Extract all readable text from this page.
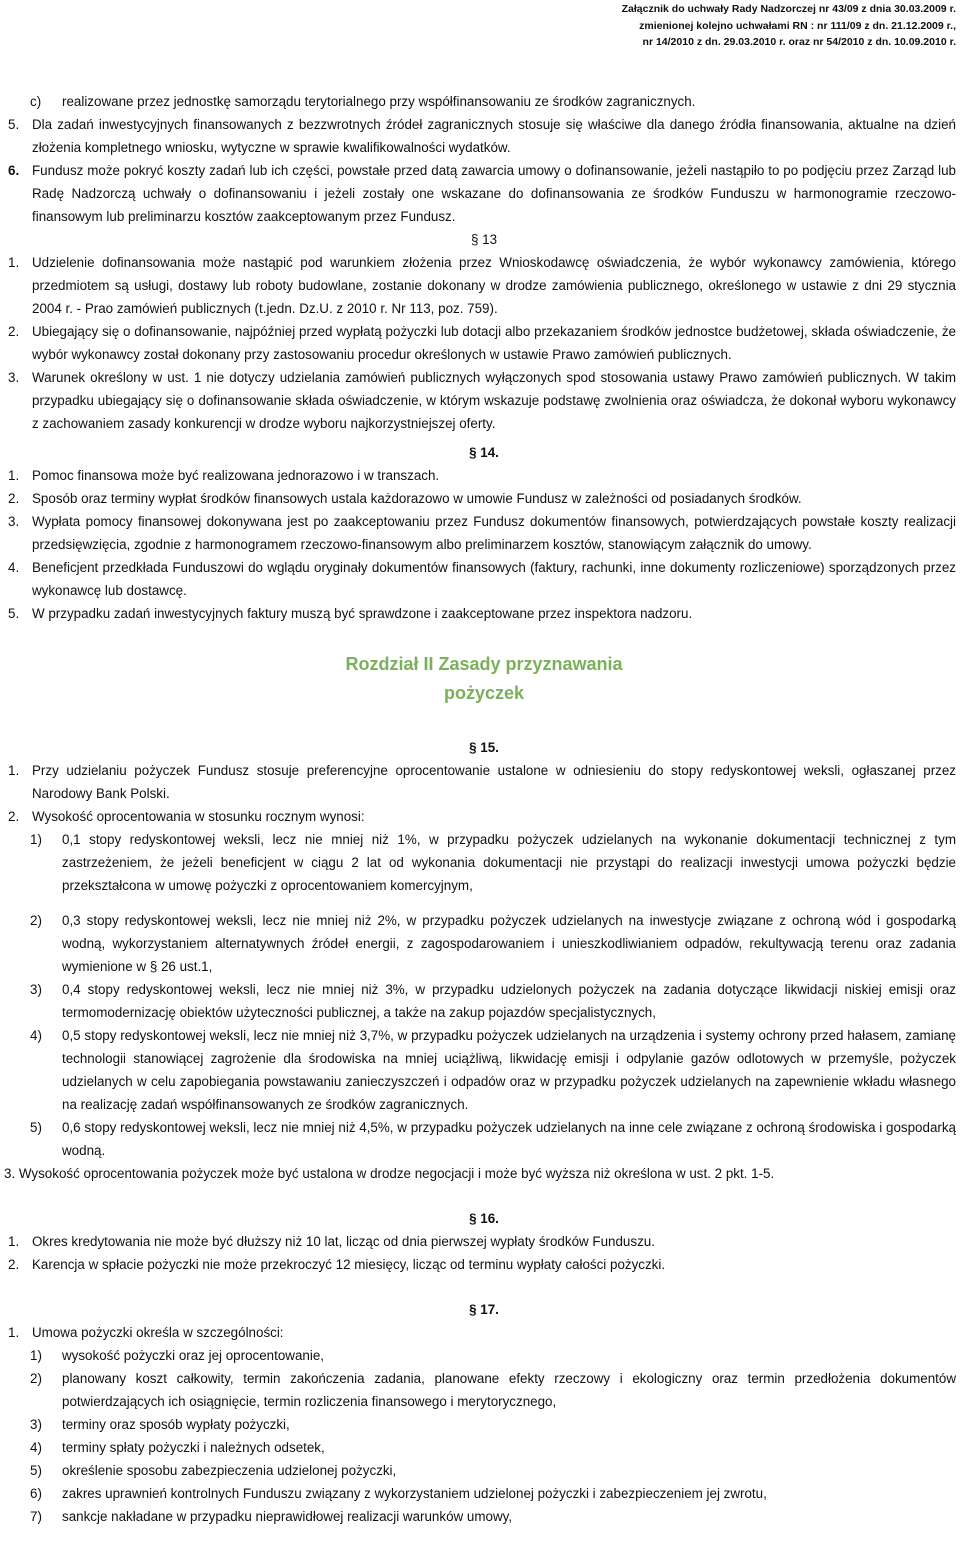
Załącznik do uchwały Rady Nadzorczej nr 43/09 z dnia 30.03.2009 r.
zmienionej kolejno uchwałami RN : nr 111/09 z dn. 21.12.2009 r.,
nr 14/2010 z dn. 29.03.2010 r. oraz nr 54/2010 z dn. 10.09.2010 r.
c)	realizowane przez jednostkę samorządu terytorialnego przy współfinansowaniu ze środków zagranicznych.
5. Dla zadań inwestycyjnych finansowanych z bezzwrotnych źródeł zagranicznych stosuje się właściwe dla danego źródła finansowania, aktualne na dzień złożenia kompletnego wniosku, wytyczne w sprawie kwalifikowalności wydatków.
6. Fundusz może pokryć koszty zadań lub ich części, powstałe przed datą zawarcia umowy o dofinansowanie, jeżeli nastąpiło to po podjęciu przez Zarząd lub Radę Nadzorczą uchwały o dofinansowaniu i jeżeli zostały one wskazane do dofinansowania ze środków Funduszu w harmonogramie rzeczowo-finansowym lub preliminarzu kosztów zaakceptowanym przez Fundusz.
§ 13
1. Udzielenie dofinansowania może nastąpić pod warunkiem złożenia przez Wnioskodawcę oświadczenia, że wybór wykonawcy zamówienia, którego przedmiotem są usługi, dostawy lub roboty budowlane, zostanie dokonany w drodze zamówienia publicznego, określonego w ustawie z dni 29 stycznia 2004 r. - Prao zamówień publicznych (t.jedn. Dz.U. z 2010 r. Nr 113, poz. 759).
2. Ubiegający się o dofinansowanie, najpóźniej przed wypłatą pożyczki lub dotacji albo przekazaniem środków jednostce budżetowej, składa oświadczenie, że wybór wykonawcy został dokonany przy zastosowaniu procedur określonych w ustawie Prawo zamówień publicznych.
3. Warunek określony w ust. 1 nie dotyczy udzielania zamówień publicznych wyłączonych spod stosowania ustawy Prawo zamówień publicznych. W takim przypadku ubiegający się o dofinansowanie składa oświadczenie, w którym wskazuje podstawę zwolnienia oraz oświadcza, że dokonał wyboru wykonawcy z zachowaniem zasady konkurencji w drodze wyboru najkorzystniejszej oferty.
§ 14.
1. Pomoc finansowa może być realizowana jednorazowo i w transzach.
2. Sposób oraz terminy wypłat środków finansowych ustala każdorazowo w umowie Fundusz w zależności od posiadanych środków.
3. Wypłata pomocy finansowej dokonywana jest po zaakceptowaniu przez Fundusz dokumentów finansowych, potwierdzających powstałe koszty realizacji przedsięwzięcia, zgodnie z harmonogramem rzeczowo-finansowym albo preliminarzem kosztów, stanowiącym załącznik do umowy.
4. Beneficjent przedkłada Funduszowi do wglądu oryginały dokumentów finansowych (faktury, rachunki, inne dokumenty rozliczeniowe) sporządzonych przez wykonawcę lub dostawcę.
5. W przypadku zadań inwestycyjnych faktury muszą być sprawdzone i zaakceptowane przez inspektora nadzoru.
Rozdział II Zasady przyznawania
pożyczek
§ 15.
1. Przy udzielaniu pożyczek Fundusz stosuje preferencyjne oprocentowanie ustalone w odniesieniu do stopy redyskontowej weksli, ogłaszanej przez Narodowy Bank Polski.
2. Wysokość oprocentowania w stosunku rocznym wynosi:
1)	0,1 stopy redyskontowej weksli, lecz nie mniej niż 1%, w przypadku pożyczek udzielanych na wykonanie dokumentacji technicznej z tym zastrzeżeniem, że jeżeli beneficjent w ciągu 2 lat od wykonania dokumentacji nie przystąpi do realizacji inwestycji umowa pożyczki będzie przekształcona w umowę pożyczki z oprocentowaniem komercyjnym,
2)	0,3 stopy redyskontowej weksli, lecz nie mniej niż 2%, w przypadku pożyczek udzielanych na inwestycje związane z ochroną wód i gospodarką wodną, wykorzystaniem alternatywnych źródeł energii, z zagospodarowaniem i unieszkodliwianiem odpadów, rekultywacją terenu oraz zadania wymienione w § 26 ust.1,
3)	0,4 stopy redyskontowej weksli, lecz nie mniej niż 3%, w przypadku udzielonych pożyczek na zadania dotyczące likwidacji niskiej emisji oraz termomodernizację obiektów użyteczności publicznej, a także na zakup pojazdów specjalistycznych,
4)	0,5 stopy redyskontowej weksli, lecz nie mniej niż 3,7%, w przypadku pożyczek udzielanych na urządzenia i systemy ochrony przed hałasem, zamianę technologii stanowiącej zagrożenie dla środowiska na mniej uciążliwą, likwidację emisji i odpylanie gazów odlotowych w przemyśle, pożyczek udzielanych w celu zapobiegania powstawaniu zanieczyszczeń i odpadów oraz w przypadku pożyczek udzielanych na zapewnienie wkładu własnego na realizację zadań współfinansowanych ze środków zagranicznych.
5)	0,6 stopy redyskontowej weksli, lecz nie mniej niż 4,5%, w przypadku pożyczek udzielanych na inne cele związane z ochroną środowiska i gospodarką wodną.
3. Wysokość oprocentowania pożyczek może być ustalona w drodze negocjacji i może być wyższa niż określona w ust. 2 pkt. 1-5.
§ 16.
1. Okres kredytowania nie może być dłuższy niż 10 lat, licząc od dnia pierwszej wypłaty środków Funduszu.
2. Karencja w spłacie pożyczki nie może przekroczyć 12 miesięcy, licząc od terminu wypłaty całości pożyczki.
§ 17.
1. Umowa pożyczki określa w szczególności:
1)	wysokość pożyczki oraz jej oprocentowanie,
2)	planowany koszt całkowity, termin zakończenia zadania, planowane efekty rzeczowy i ekologiczny oraz termin przedłożenia dokumentów potwierdzających ich osiągnięcie, termin rozliczenia finansowego i merytorycznego,
3)	terminy oraz sposób wypłaty pożyczki,
4)	terminy spłaty pożyczki i należnych odsetek,
5)	określenie sposobu zabezpieczenia udzielonej pożyczki,
6)	zakres uprawnień kontrolnych Funduszu związany z wykorzystaniem udzielonej pożyczki i zabezpieczeniem jej zwrotu,
7)	sankcje nakładane w przypadku nieprawidłowej realizacji warunków umowy,
